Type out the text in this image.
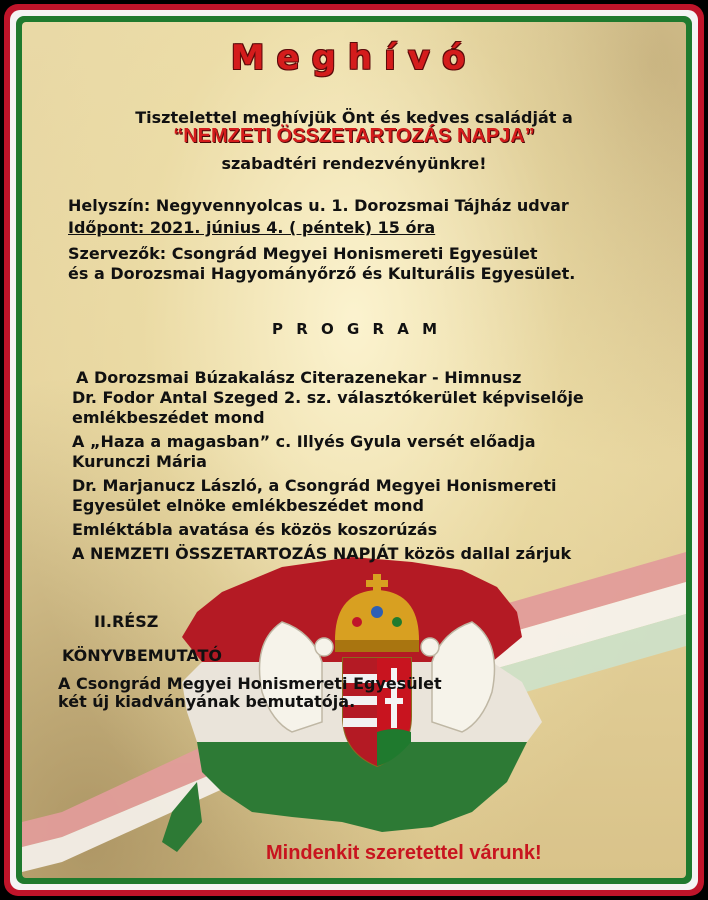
Meghívó
Tisztelettel meghívjük Önt és kedves családját a
“NEMZETI ÖSSZETARTOZÁS NAPJA”
szabadtéri rendezvényünkre!
Helyszín: Negyvennyolcas u. 1. Dorozsmai Tájház udvar
Időpont: 2021. június 4. ( péntek) 15 óra
Szervezők: Csongrád Megyei Honismereti Egyesület
és a Dorozsmai Hagyományőrző és Kulturális Egyesület.
P R O G R A M
A Dorozsmai Búzakalász Citerazenekar - Himnusz
Dr. Fodor Antal Szeged 2. sz. választókerület képviselője
emlékbeszédet mond
A „Haza a magasban” c. Illyés Gyula versét előadja
Kurunczi Mária
Dr. Marjanucz László, a Csongrád Megyei Honismereti
Egyesület elnöke emlékbeszédet mond
Emléktábla avatása és közös koszorúzás
A NEMZETI ÖSSZETARTOZÁS NAPJÁT közös dallal zárjuk
II.RÉSZ
KÖNYVBEMUTATÓ
A Csongrád Megyei Honismereti Egyesület
két új kiadványának bemutatója.
Mindenkit szeretettel várunk!
